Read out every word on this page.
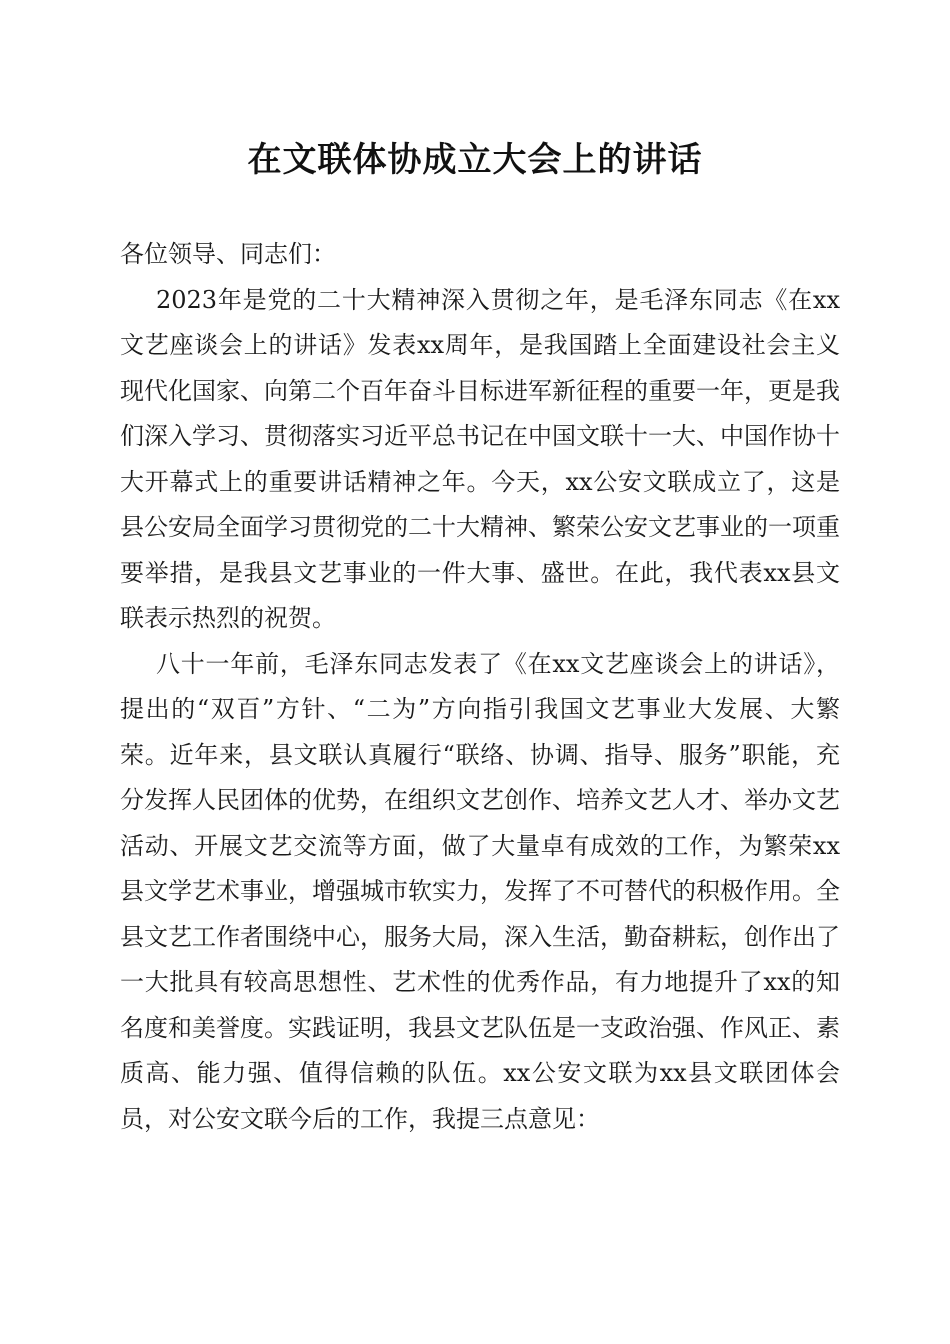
在文联体协成立大会上的讲话

各位领导、同志们：

2023年是党的二十大精神深入贯彻之年，是毛泽东同志《在xx文艺座谈会上的讲话》发表xx周年，是我国踏上全面建设社会主义现代化国家、向第二个百年奋斗目标进军新征程的重要一年，更是我们深入学习、贯彻落实习近平总书记在中国文联十一大、中国作协十大开幕式上的重要讲话精神之年。今天，xx公安文联成立了，这是县公安局全面学习贯彻党的二十大精神、繁荣公安文艺事业的一项重要举措，是我县文艺事业的一件大事、盛世。在此，我代表xx县文联表示热烈的祝贺。

八十一年前，毛泽东同志发表了《在xx文艺座谈会上的讲话》，提出的“双百”方针、“二为”方向指引我国文艺事业大发展、大繁荣。近年来，县文联认真履行“联络、协调、指导、服务”职能，充分发挥人民团体的优势，在组织文艺创作、培养文艺人才、举办文艺活动、开展文艺交流等方面，做了大量卓有成效的工作，为繁荣xx县文学艺术事业，增强城市软实力，发挥了不可替代的积极作用。全县文艺工作者围绕中心，服务大局，深入生活，勤奋耕耘，创作出了一大批具有较高思想性、艺术性的优秀作品，有力地提升了xx的知名度和美誉度。实践证明，我县文艺队伍是一支政治强、作风正、素质高、能力强、值得信赖的队伍。xx公安文联为xx县文联团体会员，对公安文联今后的工作，我提三点意见：
